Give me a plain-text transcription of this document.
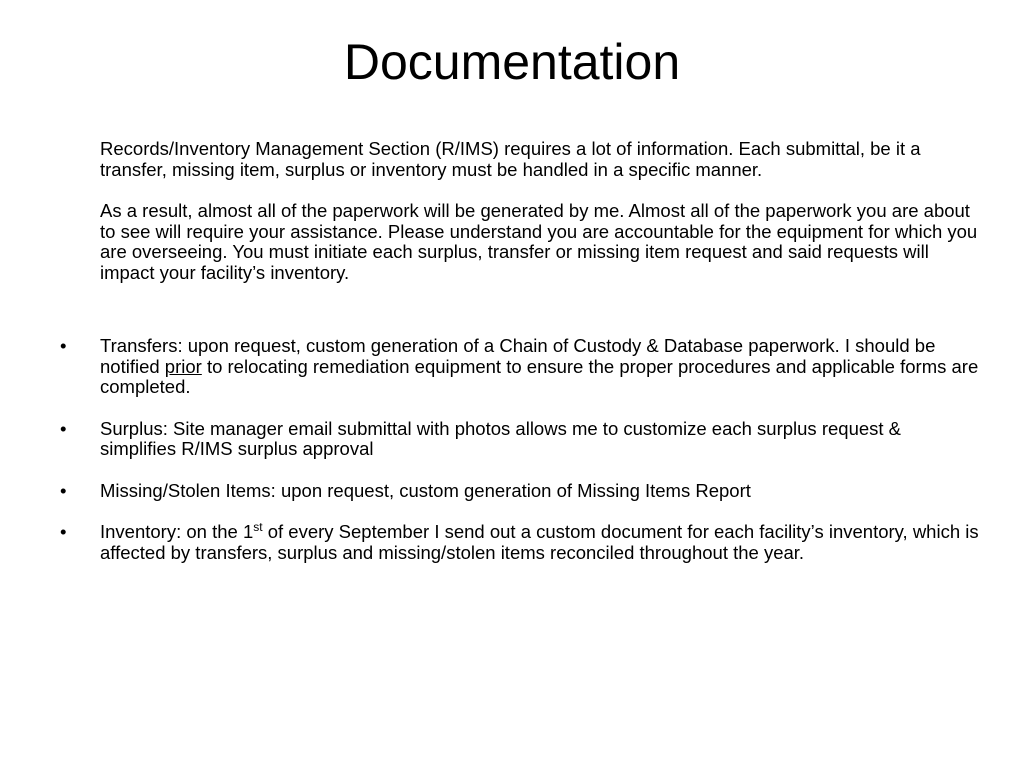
Documentation

Records/Inventory Management Section (R/IMS) requires a lot of information. Each submittal, be it a transfer, missing item, surplus or inventory must be handled in a specific manner.

As a result, almost all of the paperwork will be generated by me. Almost all of the paperwork you are about to see will require your assistance. Please understand you are accountable for the equipment for which you are overseeing. You must initiate each surplus, transfer or missing item request and said requests will impact your facility’s inventory.

• Transfers: upon request, custom generation of a Chain of Custody & Database paperwork. I should be notified prior to relocating remediation equipment to ensure the proper procedures and applicable forms are completed.
• Surplus: Site manager email submittal with photos allows me to customize each surplus request & simplifies R/IMS surplus approval
• Missing/Stolen Items: upon request, custom generation of Missing Items Report
• Inventory: on the 1st of every September I send out a custom document for each facility’s inventory, which is affected by transfers, surplus and missing/stolen items reconciled throughout the year.
